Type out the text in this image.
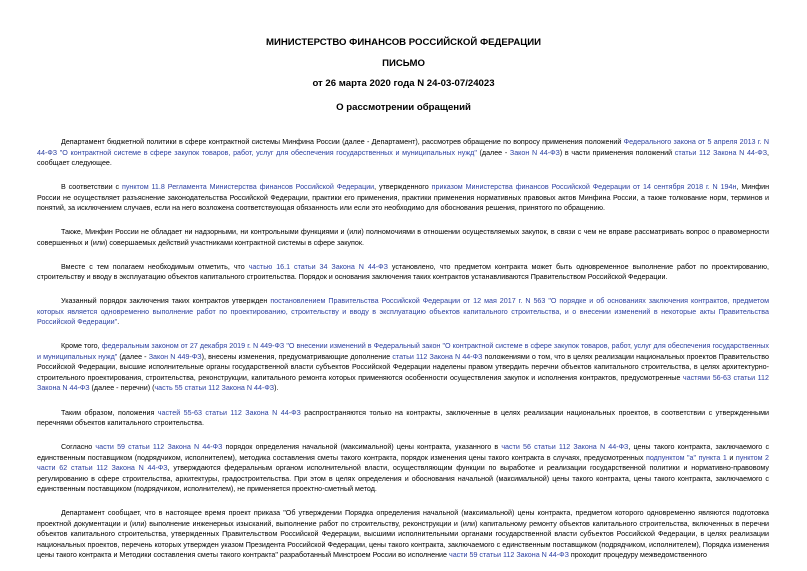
МИНИСТЕРСТВО ФИНАНСОВ РОССИЙСКОЙ ФЕДЕРАЦИИ
ПИСЬМО
от 26 марта 2020 года N 24-03-07/24023
О рассмотрении обращений

Департамент бюджетной политики в сфере контрактной системы Минфина России (далее - Департамент), рассмотрев обращение по вопросу применения положений Федерального закона от 5 апреля 2013 г. N 44-ФЗ "О контрактной системе в сфере закупок товаров, работ, услуг для обеспечения государственных и муниципальных нужд" (далее - Закон N 44-ФЗ) в части применения положений статьи 112 Закона N 44-ФЗ, сообщает следующее.

В соответствии с пунктом 11.8 Регламента Министерства финансов Российской Федерации, утвержденного приказом Министерства финансов Российской Федерации от 14 сентября 2018 г. N 194н, Минфин России не осуществляет разъяснение законодательства Российской Федерации, практики его применения, практики применения нормативных правовых актов Минфина России, а также толкование норм, терминов и понятий, за исключением случаев, если на него возложена соответствующая обязанность или если это необходимо для обоснования решения, принятого по обращению.

Также, Минфин России не обладает ни надзорными, ни контрольными функциями и (или) полномочиями в отношении осуществляемых закупок, в связи с чем не вправе рассматривать вопрос о правомерности совершенных и (или) совершаемых действий участниками контрактной системы в сфере закупок.

Вместе с тем полагаем необходимым отметить, что частью 16.1 статьи 34 Закона N 44-ФЗ установлено, что предметом контракта может быть одновременное выполнение работ по проектированию, строительству и вводу в эксплуатацию объектов капитального строительства. Порядок и основания заключения таких контрактов устанавливаются Правительством Российской Федерации.

Указанный порядок заключения таких контрактов утвержден постановлением Правительства Российской Федерации от 12 мая 2017 г. N 563 "О порядке и об основаниях заключения контрактов, предметом которых является одновременно выполнение работ по проектированию, строительству и вводу в эксплуатацию объектов капитального строительства, и о внесении изменений в некоторые акты Правительства Российской Федерации".

Кроме того, федеральным законом от 27 декабря 2019 г. N 449-ФЗ "О внесении изменений в Федеральный закон "О контрактной системе в сфере закупок товаров, работ, услуг для обеспечения государственных и муниципальных нужд" (далее - Закон N 449-ФЗ), внесены изменения, предусматривающие дополнение статьи 112 Закона N 44-ФЗ положениями о том, что в целях реализации национальных проектов Правительство Российской Федерации, высшие исполнительные органы государственной власти субъектов Российской Федерации наделены правом утвердить перечни объектов капитального строительства, в целях архитектурно-строительного проектирования, строительства, реконструкции, капитального ремонта которых применяются особенности осуществления закупок и исполнения контрактов, предусмотренные частями 56-63 статьи 112 Закона N 44-ФЗ (далее - перечни) (часть 55 статьи 112 Закона N 44-ФЗ).

Таким образом, положения частей 55-63 статьи 112 Закона N 44-ФЗ распространяются только на контракты, заключенные в целях реализации национальных проектов, в соответствии с утвержденными перечнями объектов капитального строительства.

Согласно части 59 статьи 112 Закона N 44-ФЗ порядок определения начальной (максимальной) цены контракта, указанного в части 56 статьи 112 Закона N 44-ФЗ, цены такого контракта, заключаемого с единственным поставщиком (подрядчиком, исполнителем), методика составления сметы такого контракта, порядок изменения цены такого контракта в случаях, предусмотренных подпунктом "а" пункта 1 и пунктом 2 части 62 статьи 112 Закона N 44-ФЗ, утверждаются федеральным органом исполнительной власти, осуществляющим функции по выработке и реализации государственной политики и нормативно-правовому регулированию в сфере строительства, архитектуры, градостроительства. При этом в целях определения и обоснования начальной (максимальной) цены такого контракта, цены такого контракта, заключаемого с единственным поставщиком (подрядчиком, исполнителем), не применяется проектно-сметный метод.

Департамент сообщает, что в настоящее время проект приказа "Об утверждении Порядка определения начальной (максимальной) цены контракта, предметом которого одновременно являются подготовка проектной документации и (или) выполнение инженерных изысканий, выполнение работ по строительству, реконструкции и (или) капитальному ремонту объектов капитального строительства, включенных в перечни объектов капитального строительства, утвержденных Правительством Российской Федерации, высшими исполнительными органами государственной власти субъектов Российской Федерации, в целях реализации национальных проектов, перечень которых утвержден указом Президента Российской Федерации, цены такого контракта, заключаемого с единственным поставщиком (подрядчиком, исполнителем), Порядка изменения цены такого контракта и Методики составления сметы такого контракта" разработанный Минстроем России во исполнение части 59 статьи 112 Закона N 44-ФЗ проходит процедуру межведомственного
